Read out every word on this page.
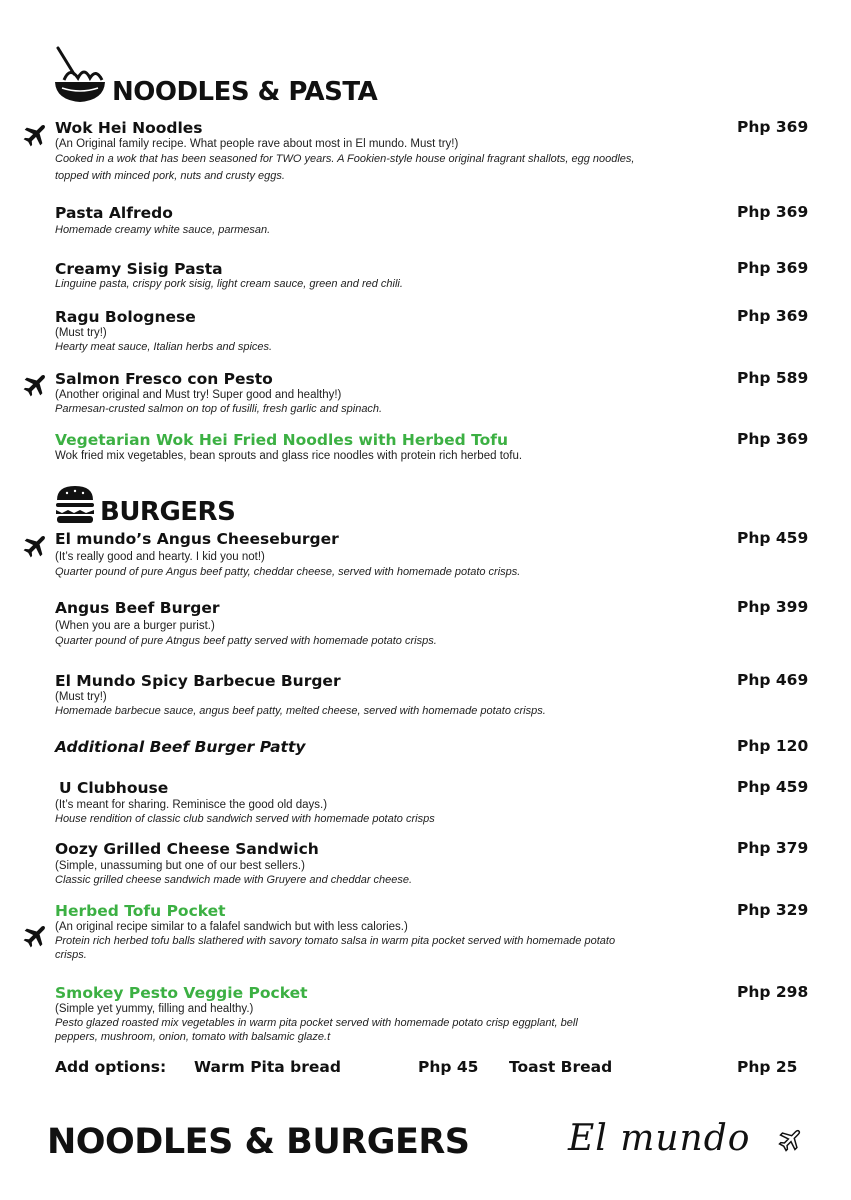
NOODLES & PASTA
Wok Hei Noodles
(An Original family recipe. What people rave about most in El mundo. Must try!)
Cooked in a wok that has been seasoned for TWO years. A Fookien-style house original fragrant shallots, egg noodles, topped with minced pork, nuts and crusty eggs.
Php 369
Pasta Alfredo
Homemade creamy white sauce, parmesan.
Php 369
Creamy Sisig Pasta
Linguine pasta, crispy pork sisig, light cream sauce, green and red chili.
Php 369
Ragu Bolognese
(Must try!)
Hearty meat sauce, Italian herbs and spices.
Php 369
Salmon Fresco con Pesto
(Another original and Must try! Super good and healthy!)
Parmesan-crusted salmon on top of fusilli, fresh garlic and spinach.
Php 589
Vegetarian Wok Hei Fried Noodles with Herbed Tofu
Wok fried mix vegetables, bean sprouts and glass rice noodles with protein rich herbed tofu.
Php 369
BURGERS
El mundo’s Angus Cheeseburger
(It’s really good and hearty. I kid you not!)
Quarter pound of pure Angus beef patty, cheddar cheese, served with homemade potato crisps.
Php 459
Angus Beef Burger
(When you are a burger purist.)
Quarter pound of pure Atngus beef patty served with homemade potato crisps.
Php 399
El Mundo Spicy Barbecue Burger
(Must try!)
Homemade barbecue sauce, angus beef patty, melted cheese, served with homemade potato crisps.
Php 469
Additional Beef Burger Patty	Php 120
U Clubhouse
(It’s meant for sharing. Reminisce the good old days.)
House rendition of classic club sandwich served with homemade potato crisps
Php 459
Oozy Grilled Cheese Sandwich
(Simple, unassuming but one of our best sellers.)
Classic grilled cheese sandwich made with Gruyere and cheddar cheese.
Php 379
Herbed Tofu Pocket
(An original recipe similar to a falafel sandwich but with less calories.)
Protein rich herbed tofu balls slathered with savory tomato salsa in warm pita pocket served with homemade potato crisps.
Php 329
Smokey Pesto Veggie Pocket
(Simple yet yummy, filling and healthy.)
Pesto glazed roasted mix vegetables in warm pita pocket served with homemade potato crisp eggplant, bell peppers, mushroom, onion, tomato with balsamic glaze.t
Php 298
Add options: Warm Pita bread	Php 45 Toast Bread	Php 25
NOODLES & BURGERS	El mundo
